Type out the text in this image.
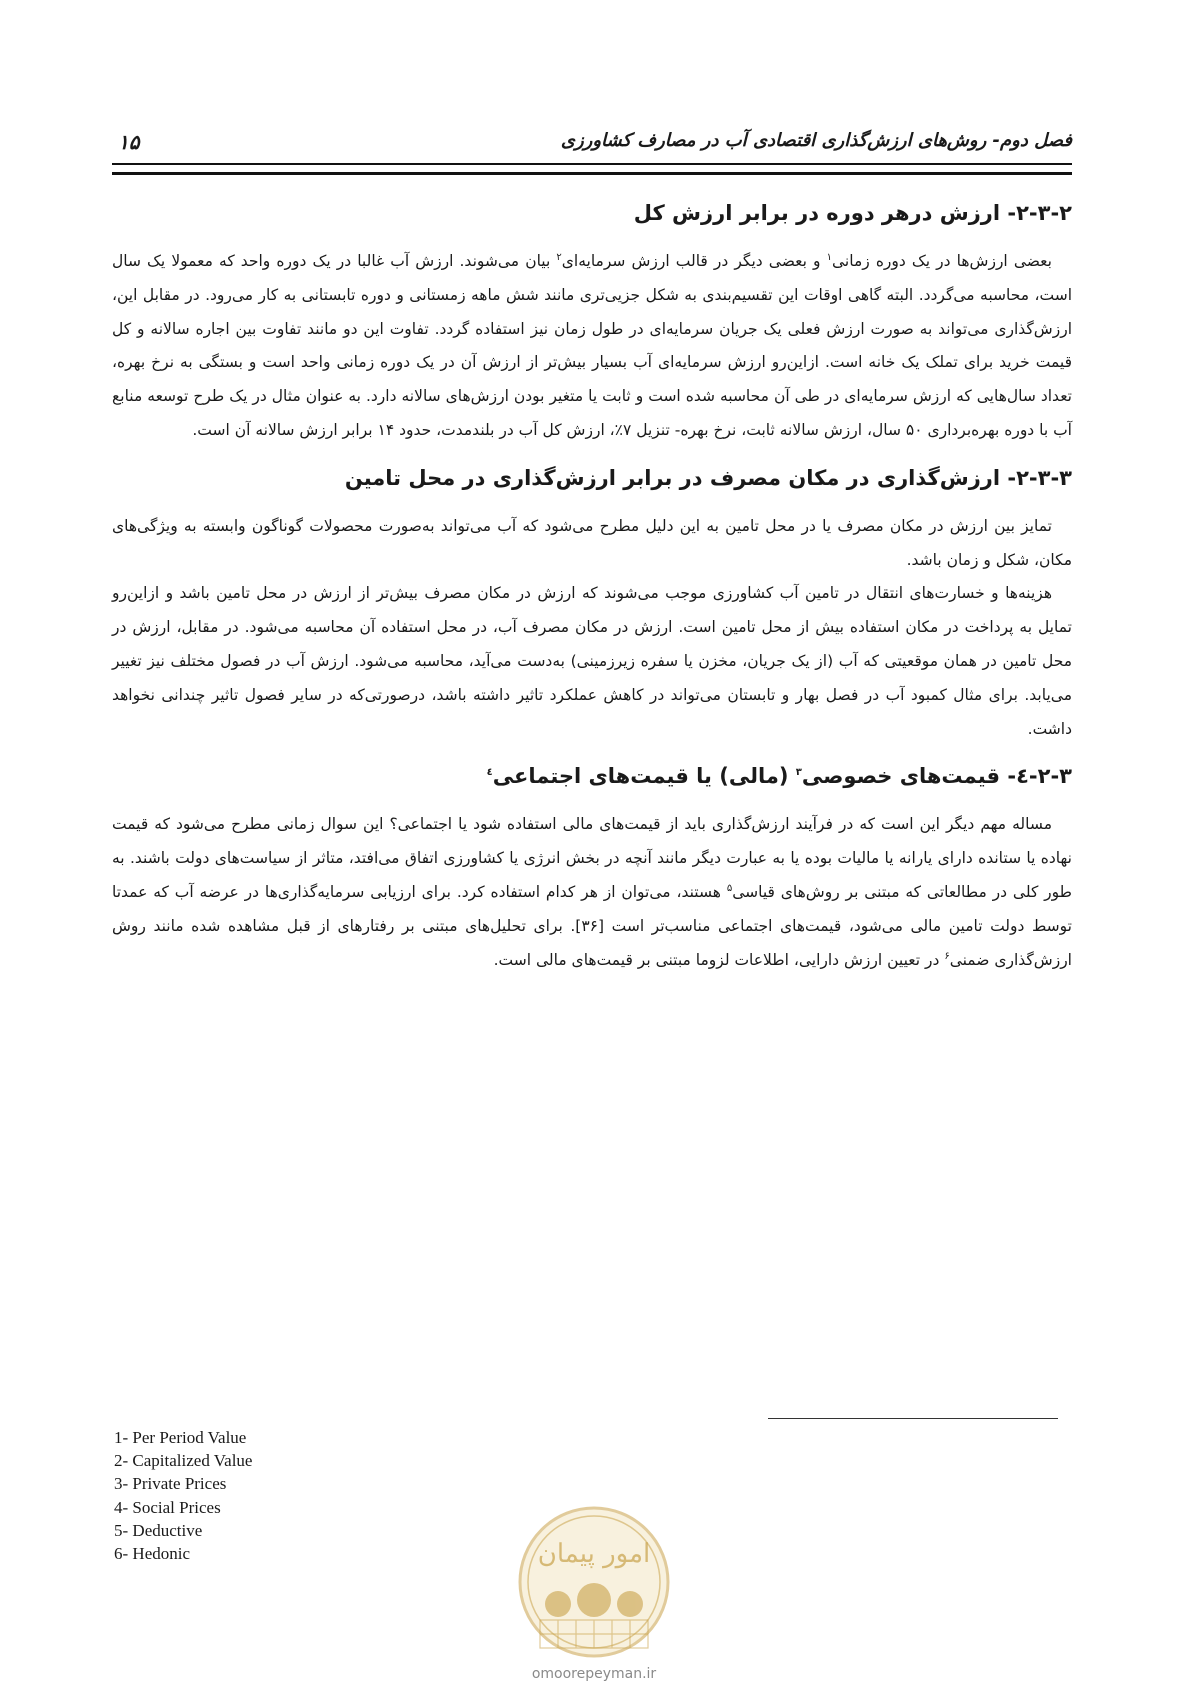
۱۵	فصل دوم- روش‌های ارزش‌گذاری اقتصادی آب در مصارف کشاورزی
۲-۳-۲- ارزش درهر دوره در برابر ارزش کل

بعضی ارزش‌ها در یک دوره زمانی$^۱$ و بعضی دیگر در قالب ارزش سرمایه‌ای$^۲$ بیان می‌شوند. ارزش آب غالبا در یک دوره واحد که معمولا یک سال است، محاسبه می‌گردد. البته گاهی اوقات این تقسیم‌بندی به شکل جزیی‌تری مانند شش ماهه زمستانی و دوره تابستانی به کار می‌رود. در مقابل این، ارزش‌گذاری می‌تواند به صورت ارزش فعلی یک جریان سرمایه‌ای در طول زمان نیز استفاده گردد. تفاوت این دو مانند تفاوت بین اجاره سالانه و کل قیمت خرید برای تملک یک خانه است. ازاین‌رو ارزش سرمایه‌ای آب بسیار بیش‌تر از ارزش آن در یک دوره زمانی واحد است و بستگی به نرخ بهره، تعداد سال‌هایی که ارزش سرمایه‌ای در طی آن محاسبه شده است و ثابت یا متغیر بودن ارزش‌های سالانه دارد. به عنوان مثال در یک طرح توسعه منابع آب با دوره بهره‌برداری ۵۰ سال، ارزش سالانه ثابت، نرخ بهره- تنزیل ۷٪، ارزش کل آب در بلندمدت، حدود ۱۴ برابر ارزش سالانه آن است.

۲-۳-۳- ارزش‌گذاری در مکان مصرف در برابر ارزش‌گذاری در محل تامین

تمایز بین ارزش در مکان مصرف یا در محل تامین به این دلیل مطرح می‌شود که آب می‌تواند به‌صورت محصولات گوناگون وابسته به ویژگی‌های مکان، شکل و زمان باشد.

هزینه‌ها و خسارت‌های انتقال در تامین آب کشاورزی موجب می‌شوند که ارزش در مکان مصرف بیش‌تر از ارزش در محل تامین باشد و ازاین‌رو تمایل به پرداخت در مکان استفاده بیش از محل تامین است. ارزش در مکان مصرف آب، در محل استفاده آن محاسبه می‌شود. در مقابل، ارزش در محل تامین در همان موقعیتی که آب (از یک جریان، مخزن یا سفره زیرزمینی) به‌دست می‌آید، محاسبه می‌شود. ارزش آب در فصول مختلف نیز تغییر می‌یابد. برای مثال کمبود آب در فصل بهار و تابستان می‌تواند در کاهش عملکرد تاثیر داشته باشد، درصورتی‌که در سایر فصول تاثیر چندانی نخواهد داشت.

۲-۳-٤- قیمت‌های خصوصی$^۳$ (مالی) یا قیمت‌های اجتماعی$^٤$

مساله مهم دیگر این است که در فرآیند ارزش‌گذاری باید از قیمت‌های مالی استفاده شود یا اجتماعی؟ این سوال زمانی مطرح می‌شود که قیمت نهاده یا ستانده دارای یارانه یا مالیات بوده یا به عبارت دیگر مانند آنچه در بخش انرژی یا کشاورزی اتفاق می‌افتد، متاثر از سیاست‌های دولت باشند. به طور کلی در مطالعاتی که مبتنی بر روش‌های قیاسی$^۵$ هستند، می‌توان از هر کدام استفاده کرد. برای ارزیابی سرمایه‌گذاری‌ها در عرضه آب که عمدتا توسط دولت تامین مالی می‌شود، قیمت‌های اجتماعی مناسب‌تر است [۳۶]. برای تحلیل‌های مبتنی بر رفتارهای از قبل مشاهده شده مانند روش ارزش‌گذاری ضمنی$^۶$ در تعیین ارزش دارایی، اطلاعات لزوما مبتنی بر قیمت‌های مالی است.

امور پیمان
omoorepeyman.ir
1- Per Period Value
2- Capitalized Value
3- Private Prices
4- Social Prices
5- Deductive
6- Hedonic
